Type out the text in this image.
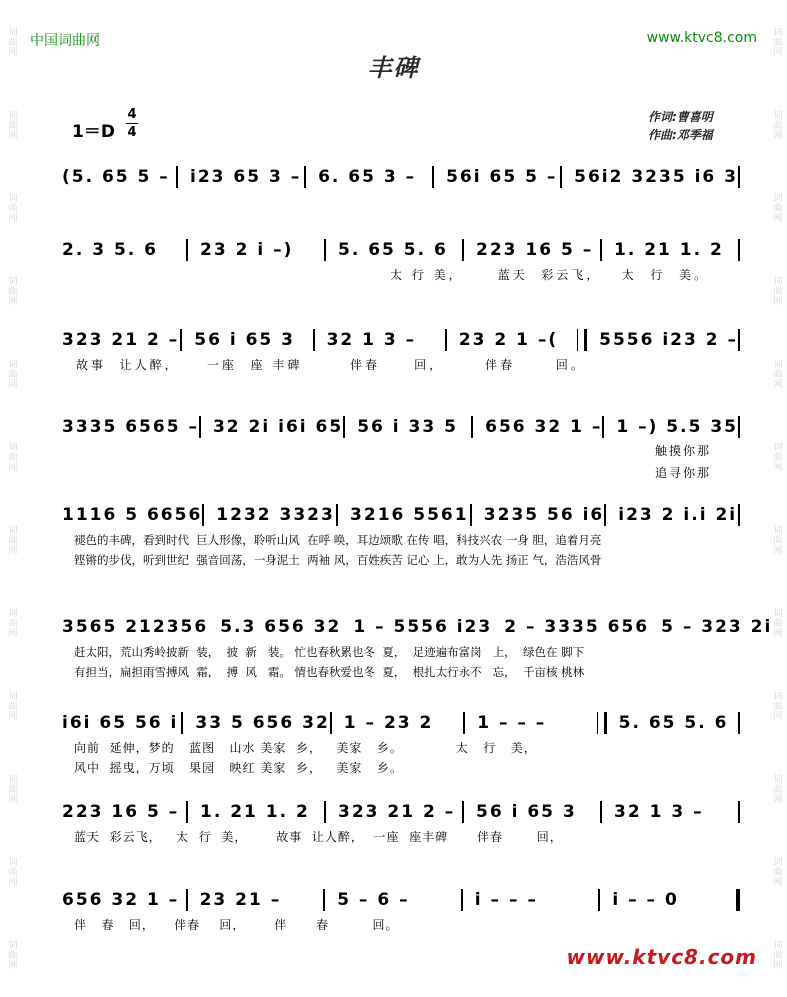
词曲网
词曲网
词曲网
词曲网
词曲网
词曲网
词曲网
词曲网
词曲网
词曲网
词曲网
词曲网
词曲网
词曲网
词曲网
词曲网
词曲网
词曲网
词曲网
词曲网
词曲网
词曲网
词曲网
词曲网
中国词曲网	www.ktvc8.com
丰碑
1＝D
4
4
作词:曹喜明
作曲:邓季福
(5. 65 5 –	i23 65 3 – 6. 65 3 –	56i 65 5 – 56i2 3235 i6 3
2. 3 5. 6	23 2 i –)	5. 65 5. 6	223 16 5 –	1. 21 1. 2
太 行 美，     蓝天  彩云飞，   太  行  美。
323 21 2 – 56 i 65 3	32 1 3 –	23 2 1 –(	5556 i23 2 –
故事  让人醉，    一座  座 丰碑       伴春     回，      伴春      回。
3335 6565 – 32 2i i6i 65 56 i 33 5	656 32 1 – 1 –) 5.5 35
触摸你那
追寻你那
1116 5 6656 1232 3323 3216 5561 3235 56 i6 i23 2 i.i 2i
褪色的丰碑，看到时代  巨人形像，聆听山风  在呼 唤，耳边颂歌 在传 唱，科技兴农 一身 胆，追着月亮
铿锵的步伐，听到世纪  强音回荡，一身泥土  两袖 风，百姓疾苦 记心 上，敢为人先 扬正 气，浩浩风骨
3565 212356 5.3 656 32 1 – 5556 i23 2 – 3335 656 5 – 323 2i
赶太阳，荒山秀岭披新  装，  披  新   装。 忙也春秋累也冬  夏，  足迹遍布富岗   上，  绿色在 脚下
有担当，扁担雨雪搏风  霜，  搏  风   霜。 情也春秋爱也冬  夏，  根扎太行永不   忘，  千亩核 桃林
i6i 65 56 i	33 5 656 32 1 – 23 2	1 – – –	5. 65 5. 6
向前  延伸，梦的   蓝图   山水 美家  乡，   美家   乡。           太   行   美，
风中  摇曳，万顷   果园   映红 美家  乡，   美家   乡。
223 16 5 –	1. 21 1. 2	323 21 2 –	56 i 65 3	32 1 3 –
蓝天  彩云飞，   太  行  美，      故事  让人醉，  一座  座丰碑      伴春       回，
656 32 1 –	23 21 –	5 – 6 –	i – – –	i – – 0
伴   春   回，    伴春    回，      伴      春         回。
www.ktvc8.com
